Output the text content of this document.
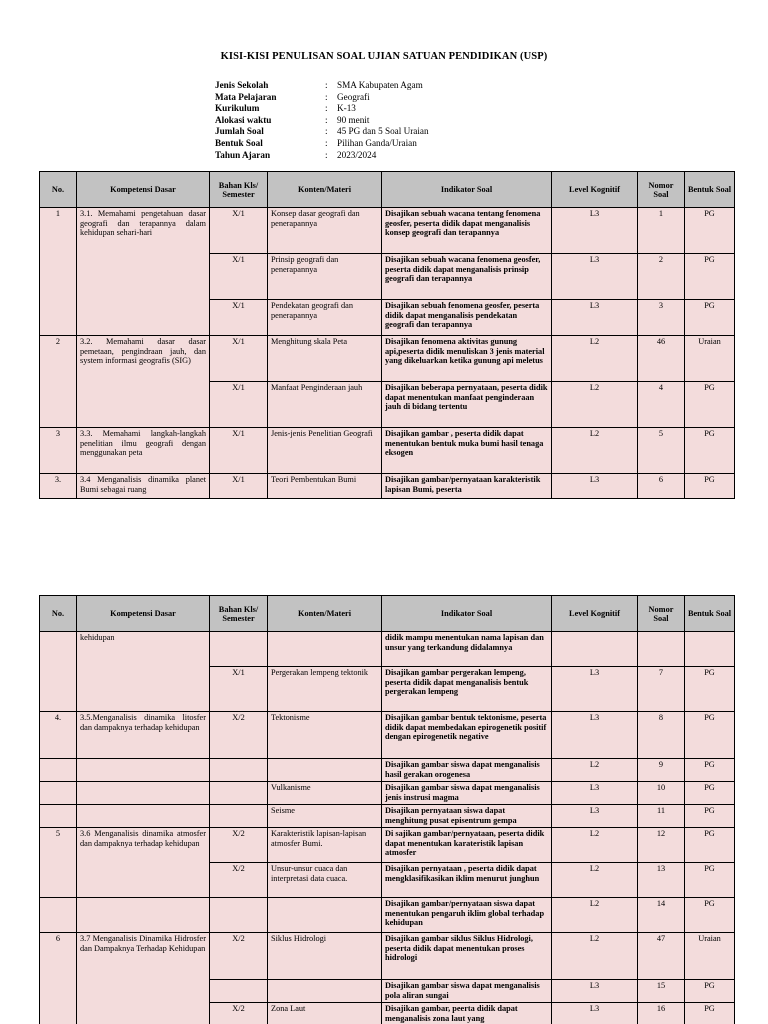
KISI-KISI PENULISAN SOAL UJIAN SATUAN PENDIDIKAN (USP)
Jenis Sekolah	:	SMA Kabupaten Agam
Mata Pelajaran	:	Geografi
Kurikulum	:	K-13
Alokasi waktu	:	90 menit
Jumlah Soal	:	45 PG dan 5 Soal Uraian
Bentuk Soal	:	Pilihan Ganda/Uraian
Tahun Ajaran	:	2023/2024
No.	Kompetensi Dasar	Bahan Kls/ Semester	Konten/Materi	Indikator Soal	Level Kognitif	Nomor Soal	Bentuk Soal
1	3.1. Memahami pengetahuan dasar geografi dan terapannya dalam kehidupan sehari-hari	X/1	Konsep dasar geografi dan penerapannya	Disajikan sebuah wacana tentang fenomena geosfer, peserta didik dapat menganalisis konsep geografi dan terapannya	L3	1	PG
		X/1	Prinsip geografi dan penerapannya	Disajikan sebuah wacana fenomena geosfer, peserta didik dapat menganalisis prinsip geografi dan terapannya	L3	2	PG
		X/1	Pendekatan geografi dan penerapannya	Disajikan sebuah fenomena geosfer, peserta didik dapat menganalisis pendekatan geografi dan terapannya	L3	3	PG
2	3.2. Memahami dasar dasar pemetaan, pengindraan jauh, dan system informasi geografis (SIG)	X/1	Menghitung skala Peta	Disajikan fenomena aktivitas gunung api,peserta didik menuliskan 3 jenis material yang dikeluarkan ketika gunung api meletus	L2	46	Uraian
		X/1	Manfaat Penginderaan jauh	Disajikan beberapa pernyataan, peserta didik dapat menentukan manfaat penginderaan jauh di bidang tertentu	L2	4	PG
3	3.3. Memahami langkah-langkah penelitian ilmu geografi dengan menggunakan peta	X/1	Jenis-jenis Penelitian Geografi	Disajikan gambar , peserta didik dapat menentukan bentuk muka bumi hasil tenaga eksogen	L2	5	PG
3.	3.4 Menganalisis dinamika planet Bumi sebagai ruang	X/1	Teori Pembentukan Bumi	Disajikan gambar/pernyataan karakteristik lapisan Bumi, peserta	L3	6	PG
No.	Kompetensi Dasar	Bahan Kls/ Semester	Konten/Materi	Indikator Soal	Level Kognitif	Nomor Soal	Bentuk Soal
	kehidupan			didik mampu menentukan nama lapisan dan unsur yang terkandung didalamnya			
		X/1	Pergerakan lempeng tektonik	Disajikan gambar pergerakan lempeng, peserta didik dapat menganalisis bentuk pergerakan lempeng	L3	7	PG
4.	3.5.Menganalisis dinamika litosfer dan dampaknya terhadap kehidupan	X/2	Tektonisme	Disajikan gambar bentuk tektonisme, peserta didik dapat membedakan epirogenetik positif dengan epirogenetik negative	L3	8	PG
				Disajikan gambar siswa dapat menganalisis hasil gerakan orogenesa	L2	9	PG
			Vulkanisme	Disajikan gambar siswa dapat menganalisis jenis instrusi magma	L3	10	PG
			Seisme	Disajikan pernyataan siswa dapat menghitung pusat episentrum gempa	L3	11	PG
5	3.6 Menganalisis dinamika atmosfer dan dampaknya terhadap kehidupan	X/2	Karakteristik lapisan-lapisan atmosfer Bumi.	Di sajikan gambar/pernyataan, peserta didik dapat menentukan karateristik lapisan atmosfer	L2	12	PG
		X/2	Unsur-unsur cuaca dan interpretasi data cuaca.	Disajikan pernyataan , peserta didik dapat mengklasifikasikan iklim menurut junghun	L2	13	PG
				Disajikan gambar/pernyataan siswa dapat menentukan pengaruh iklim global terhadap kehidupan	L2	14	PG
6	3.7 Menganalisis Dinamika Hidrosfer dan Dampaknya Terhadap Kehidupan	X/2	Siklus Hidrologi	Disajikan gambar siklus Siklus Hidrologi, peserta didik dapat menentukan proses hidrologi	L2	47	Uraian
				Disajikan gambar siswa dapat menganalisis pola aliran sungai	L3	15	PG
		X/2	Zona Laut	Disajikan gambar, peerta didik dapat menganalisis zona laut yang	L3	16	PG
